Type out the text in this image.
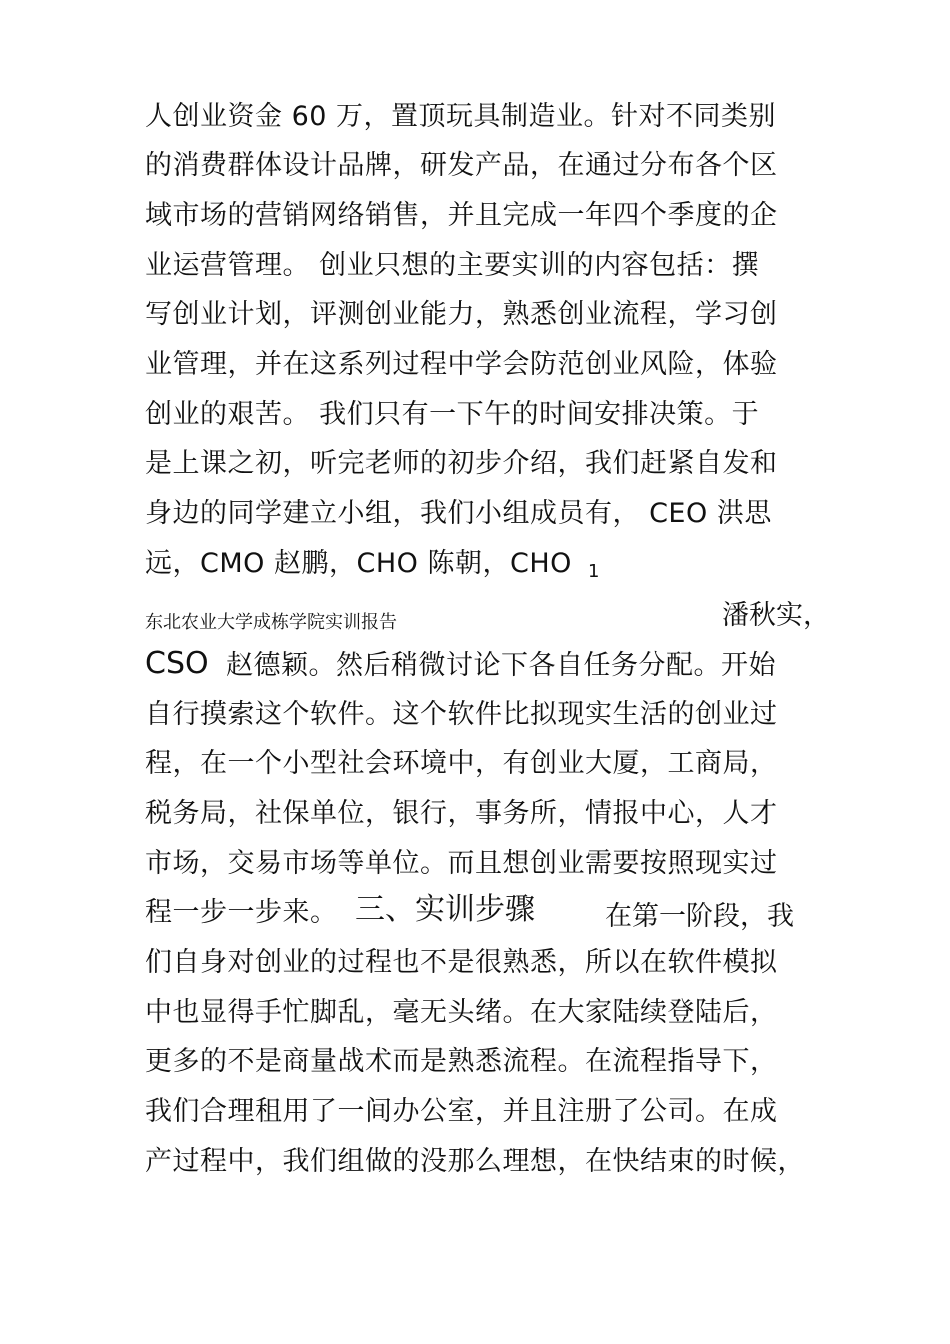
人创业资金 60 万，置顶玩具制造业。针对不同类别
的消费群体设计品牌，研发产品，在通过分布各个区
域市场的营销网络销售，并且完成一年四个季度的企
业运营管理。 创业只想的主要实训的内容包括：撰
写创业计划，评测创业能力，熟悉创业流程，学习创
业管理，并在这系列过程中学会防范创业风险，体验
创业的艰苦。 我们只有一下午的时间安排决策。于
是上课之初，听完老师的初步介绍，我们赶紧自发和
身边的同学建立小组，我们小组成员有， CEO 洪思
远，CMO 赵鹏，CHO 陈朝，CHO 1
东北农业大学成栋学院实训报告	潘秋实，
CSO 赵德颖。然后稍微讨论下各自任务分配。开始
自行摸索这个软件。这个软件比拟现实生活的创业过
程，在一个小型社会环境中，有创业大厦，工商局，
税务局，社保单位，银行，事务所，情报中心，人才
市场，交易市场等单位。而且想创业需要按照现实过
程一步一步来。 三、实训步骤	在第一阶段，我
们自身对创业的过程也不是很熟悉，所以在软件模拟
中也显得手忙脚乱，毫无头绪。在大家陆续登陆后，
更多的不是商量战术而是熟悉流程。在流程指导下，
我们合理租用了一间办公室，并且注册了公司。在成
产过程中，我们组做的没那么理想，在快结束的时候，
